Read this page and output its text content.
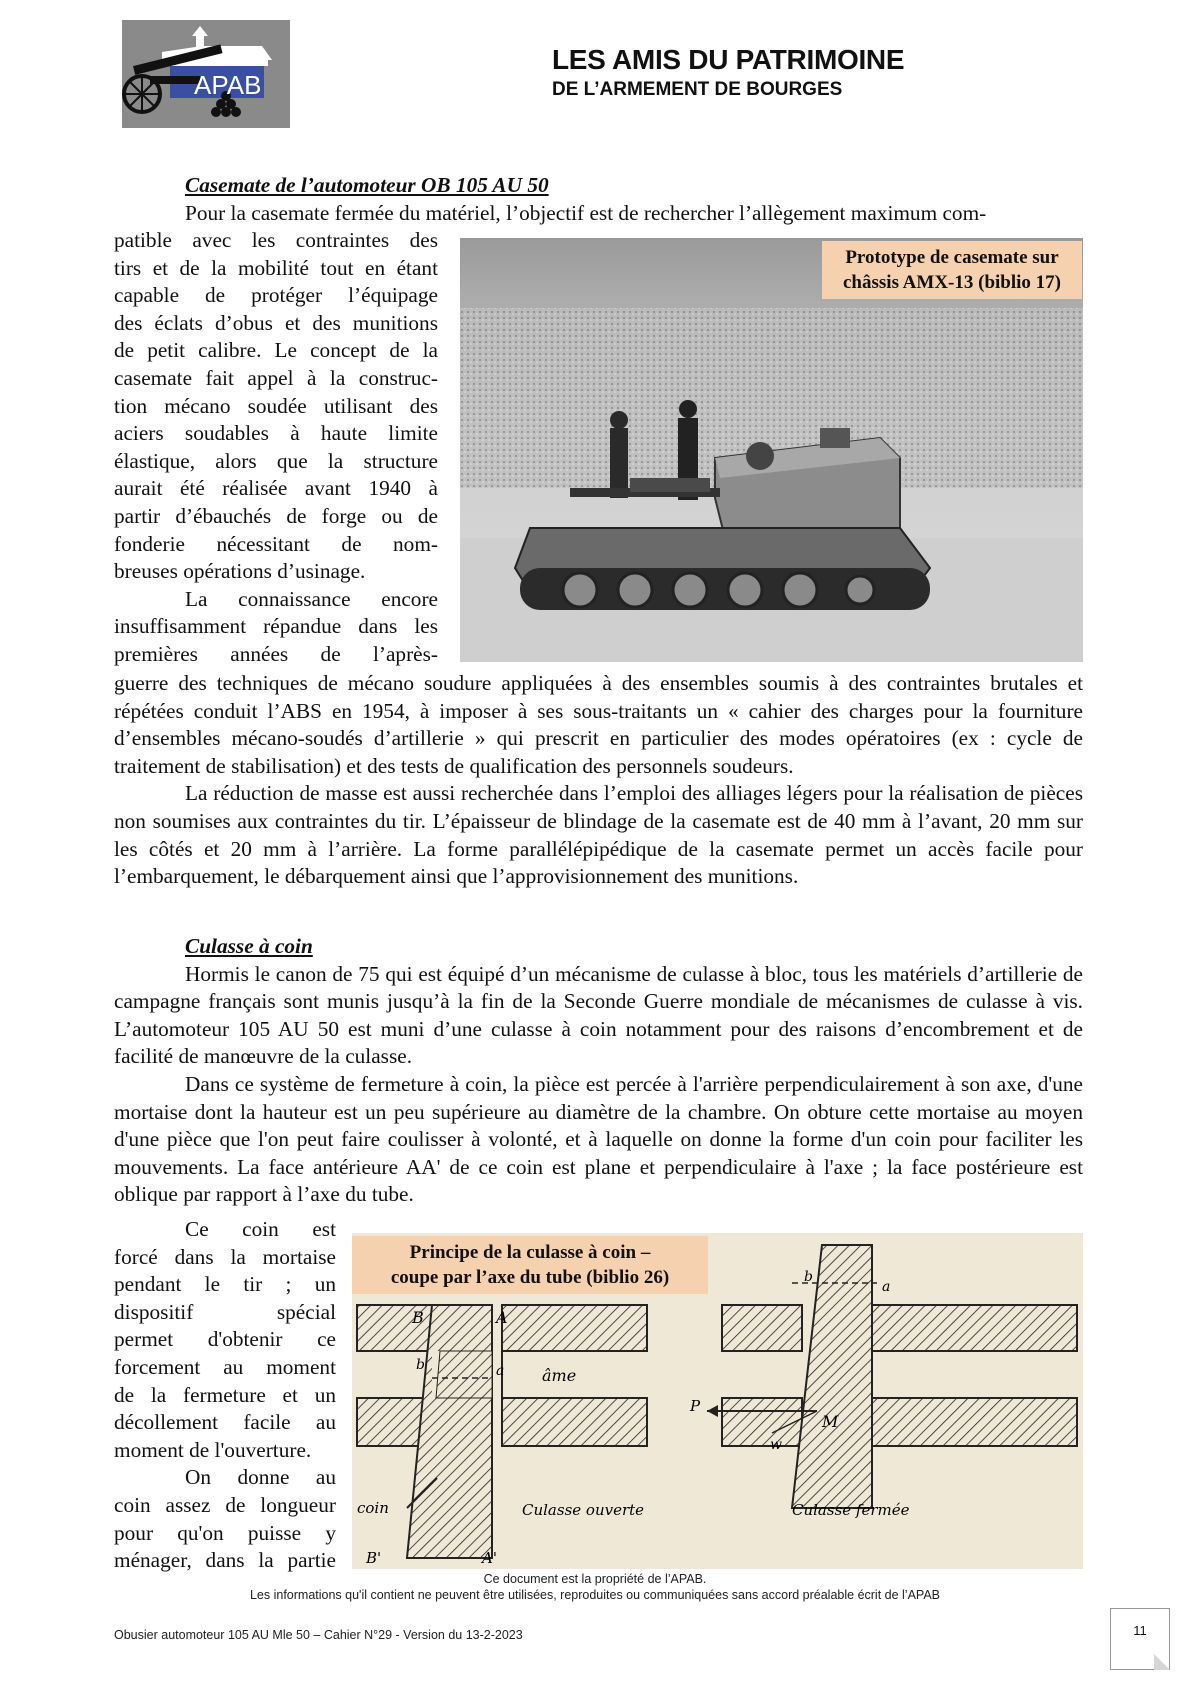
APAB
LES AMIS DU PATRIMOINE
DE L’ARMEMENT DE BOURGES

Casemate de l’automoteur OB 105 AU 50

Pour la casemate fermée du matériel, l’objectif est de rechercher l’allègement maximum com-

patible avec les contraintes des
tirs et de la mobilité tout en étant
capable de protéger l’équipage
des éclats d’obus et des munitions
de petit calibre. Le concept de la
casemate fait appel à la construc-
tion mécano soudée utilisant des
aciers soudables à haute limite
élastique, alors que la structure
aurait été réalisée avant 1940 à
partir d’ébauchés de forge ou de
fonderie nécessitant de nom-
breuses opérations d’usinage.
La connaissance encore
insuffisamment répandue dans les
premières années de l’après-
Prototype de casemate sur
châssis AMX-13 (biblio 17)

guerre des techniques de mécano soudure appliquées à des ensembles soumis à des contraintes brutales et répétées conduit l’ABS en 1954, à imposer à ses sous-traitants un « cahier des charges pour la fourniture d’ensembles mécano-soudés d’artillerie » qui prescrit en particulier des modes opératoires (ex : cycle de traitement de stabilisation) et des tests de qualification des personnels soudeurs.

La réduction de masse est aussi recherchée dans l’emploi des alliages légers pour la réalisation de pièces non soumises aux contraintes du tir. L’épaisseur de blindage de la casemate est de 40 mm à l’avant, 20 mm sur les côtés et 20 mm à l’arrière. La forme parallélépipédique de la casemate permet un accès facile pour l’embarquement, le débarquement ainsi que l’approvisionnement des munitions.

Culasse à coin

Hormis le canon de 75 qui est équipé d’un mécanisme de culasse à bloc, tous les matériels d’artillerie de campagne français sont munis jusqu’à la fin de la Seconde Guerre mondiale de mécanismes de culasse à vis. L’automoteur 105 AU 50 est muni d’une culasse à coin notamment pour des raisons d’encombrement et de facilité de manœuvre de la culasse.

Dans ce système de fermeture à coin, la pièce est percée à l'arrière perpendiculairement à son axe, d'une mortaise dont la hauteur est un peu supérieure au diamètre de la chambre. On obture cette mortaise au moyen d'une pièce que l'on peut faire coulisser à volonté, et à laquelle on donne la forme d'un coin pour faciliter les mouvements. La face antérieure AA' de ce coin est plane et perpendiculaire à l'axe ; la face postérieure est oblique par rapport à l’axe du tube.

Ce coin est
forcé dans la mortaise
pendant le tir ; un
dispositif spécial
permet d'obtenir ce
forcement au moment
de la fermeture et un
décollement facile au
moment de l'ouverture.
On donne au
coin assez de longueur
pour qu'on puisse y
ménager, dans la partie
B	A
b	a âme
coin
B'	A'
Culasse ouverte
b
a
P
M
w
Culasse fermée
Principe de la culasse à coin –
coupe par l’axe du tube (biblio 26)
Ce document est la propriété de l’APAB.
Les informations qu'il contient ne peuvent être utilisées, reproduites ou communiquées sans accord préalable écrit de l’APAB
Obusier automoteur 105 AU Mle 50 – Cahier N°29 - Version du 13-2-2023	11
